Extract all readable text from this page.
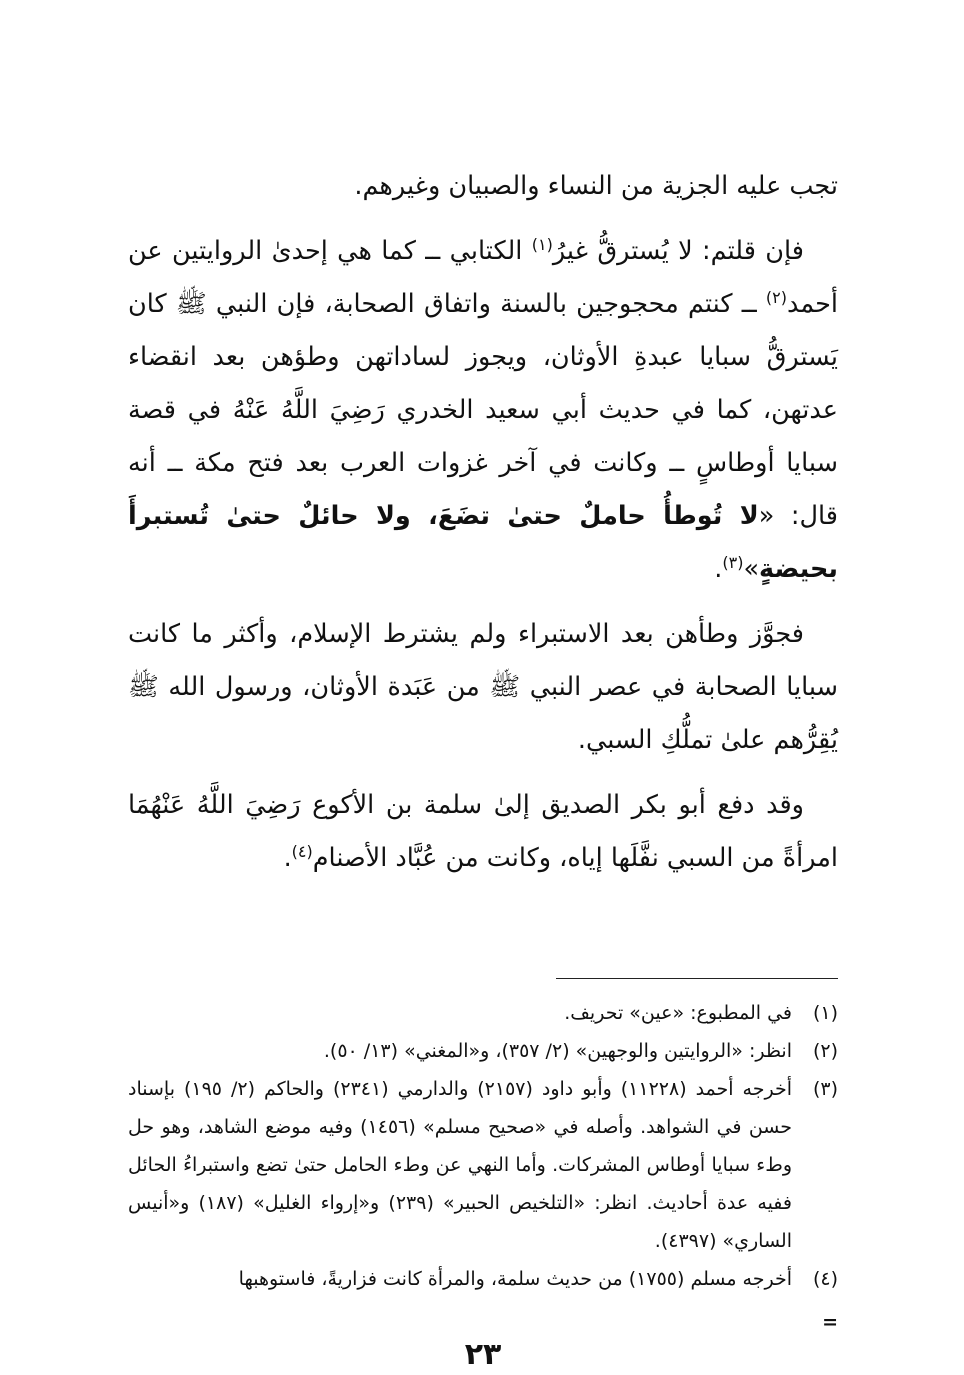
تجب عليه الجزية من النساء والصبيان وغيرهم.

فإن قلتم: لا يُسترقُّ غيرُ$^{(١)}$ الكتابي ــ كما هي إحدىٰ الروايتين عن أحمد$^{(٢)}$ ــ كنتم محجوجين بالسنة واتفاق الصحابة، فإن النبي ﷺ كان يَسترقُّ سبايا عبدةِ الأوثان، ويجوز لساداتهن وطؤهن بعد انقضاء عدتهن، كما في حديث أبي سعيد الخدري رَضِيَ اللَّهُ عَنْهُ في قصة سبايا أوطاسٍ ــ وكانت في آخر غزوات العرب بعد فتح مكة ــ أنه قال: «لا تُوطأُ حاملٌ حتىٰ تضَعَ، ولا حائلٌ حتىٰ تُستبرأَ بحيضةٍ»$^{(٣)}$.

فجوَّز وطأهن بعد الاستبراء ولم يشترط الإسلام، وأكثر ما كانت سبايا الصحابة في عصر النبي ﷺ من عَبَدة الأوثان، ورسول الله ﷺ يُقِرُّهم علىٰ تملُّكِ السبي.

وقد دفع أبو بكر الصديق إلىٰ سلمة بن الأكوع رَضِيَ اللَّهُ عَنْهُمَا امرأةً من السبي نفَّلَها إياه، وكانت من عُبَّاد الأصنام$^{(٤)}$.

(١)
في المطبوع: «عين» تحريف.
(٢)
انظر: «الروايتين والوجهين» (٢/ ٣٥٧)، و«المغني» (١٣/ ٥٠).
(٣)
أخرجه أحمد (١١٢٢٨) وأبو داود (٢١٥٧) والدارمي (٢٣٤١) والحاكم (٢/ ١٩٥) بإسناد حسن في الشواهد. وأصله في «صحيح مسلم» (١٤٥٦) وفيه موضع الشاهد، وهو حل وطء سبايا أوطاس المشركات. وأما النهي عن وطء الحامل حتىٰ تضع واستبراءُ الحائل ففيه عدة أحاديث. انظر: «التلخيص الحبير» (٢٣٩) و«إرواء الغليل» (١٨٧) و«أنيس الساري» (٤٣٩٧).
(٤)
أخرجه مسلم (١٧٥٥) من حديث سلمة، والمرأة كانت فزاريةً، فاستوهبها
=
٢٣
